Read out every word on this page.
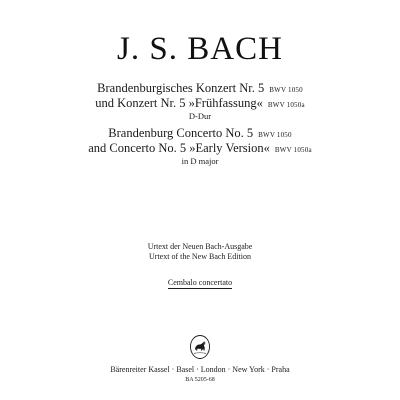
J. S. BACH
Brandenburgisches Konzert Nr. 5 BWV 1050
und Konzert Nr. 5 »Frühfassung« BWV 1050a
D-Dur
Brandenburg Concerto No. 5 BWV 1050
and Concerto No. 5 »Early Version« BWV 1050a
in D major
Urtext der Neuen Bach-Ausgabe
Urtext of the New Bach Edition
Cembalo concertato
Bärenreiter Kassel · Basel · London · New York · Praha
BA 5205-68
